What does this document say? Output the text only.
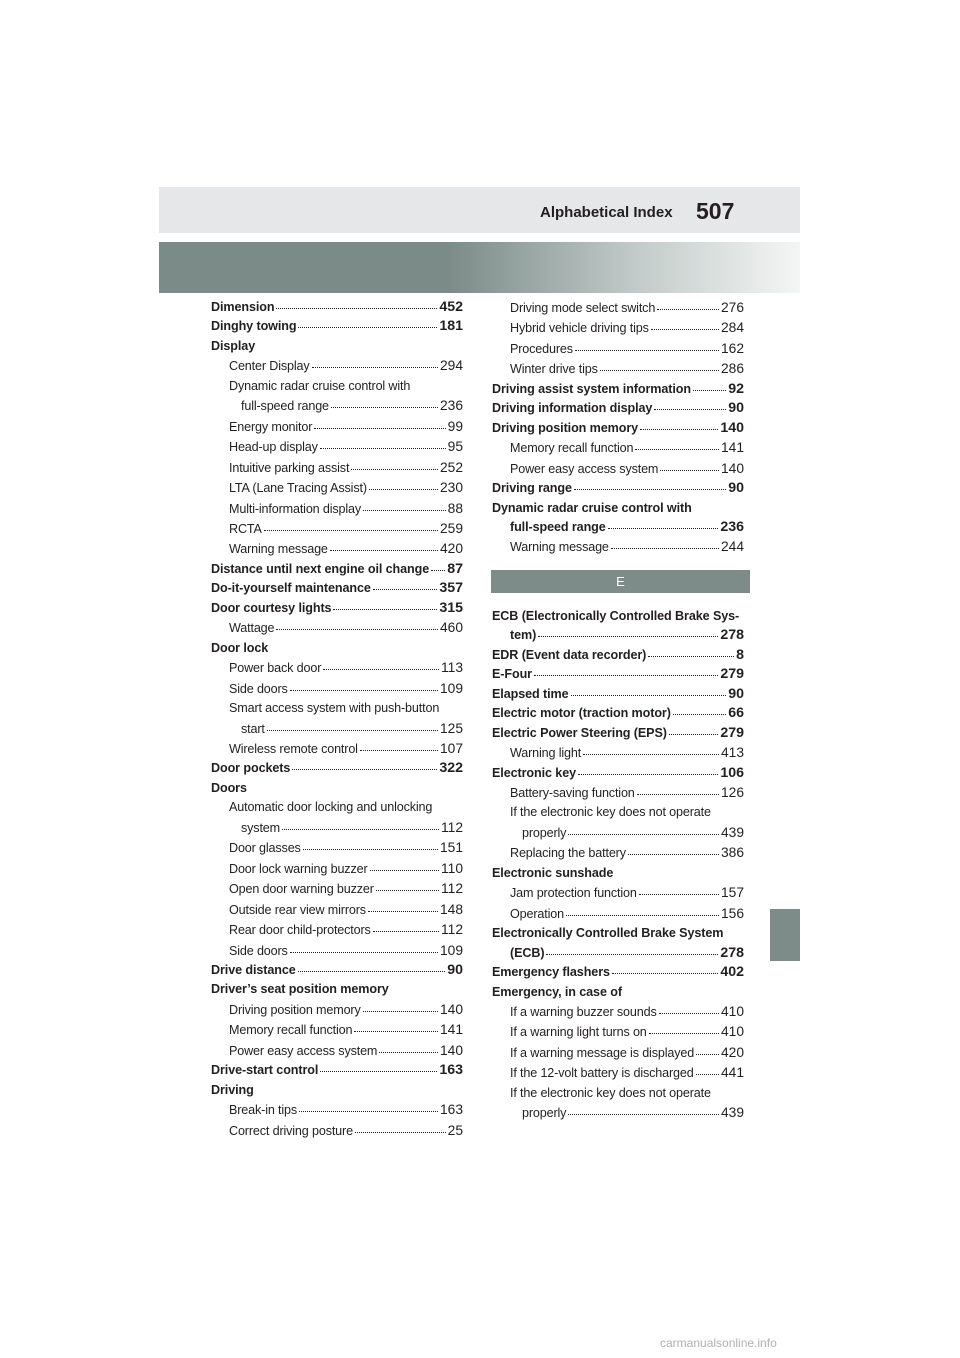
Alphabetical Index	507
Dimension	452
Dinghy towing	181
Display
Center Display	294
Dynamic radar cruise control with
full-speed range	236
Energy monitor	99
Head-up display	95
Intuitive parking assist	252
LTA (Lane Tracing Assist)	230
Multi-information display	88
RCTA	259
Warning message	420
Distance until next engine oil change 87
Do-it-yourself maintenance	357
Door courtesy lights	315
Wattage	460
Door lock
Power back door	113
Side doors	109
Smart access system with push-button
start	125
Wireless remote control	107
Door pockets	322
Doors
Automatic door locking and unlocking
system	112
Door glasses	151
Door lock warning buzzer	110
Open door warning buzzer	112
Outside rear view mirrors	148
Rear door child-protectors	112
Side doors	109
Drive distance	90
Driver’s seat position memory
Driving position memory	140
Memory recall function	141
Power easy access system	140
Drive-start control	163
Driving
Break-in tips	163
Correct driving posture	25
Driving mode select switch	276
Hybrid vehicle driving tips	284
Procedures	162
Winter drive tips	286
Driving assist system information	92
Driving information display	90
Driving position memory	140
Memory recall function	141
Power easy access system	140
Driving range	90
Dynamic radar cruise control with
full-speed range	236
Warning message	244
E
ECB (Electronically Controlled Brake Sys-
tem)	278
EDR (Event data recorder)	8
E-Four	279
Elapsed time	90
Electric motor (traction motor)	66
Electric Power Steering (EPS)	279
Warning light	413
Electronic key	106
Battery-saving function	126
If the electronic key does not operate
properly	439
Replacing the battery	386
Electronic sunshade
Jam protection function	157
Operation	156
Electronically Controlled Brake System
(ECB)	278
Emergency flashers	402
Emergency, in case of
If a warning buzzer sounds	410
If a warning light turns on	410
If a warning message is displayed 420
If the 12-volt battery is discharged 441
If the electronic key does not operate
properly	439
carmanualsonline.info
